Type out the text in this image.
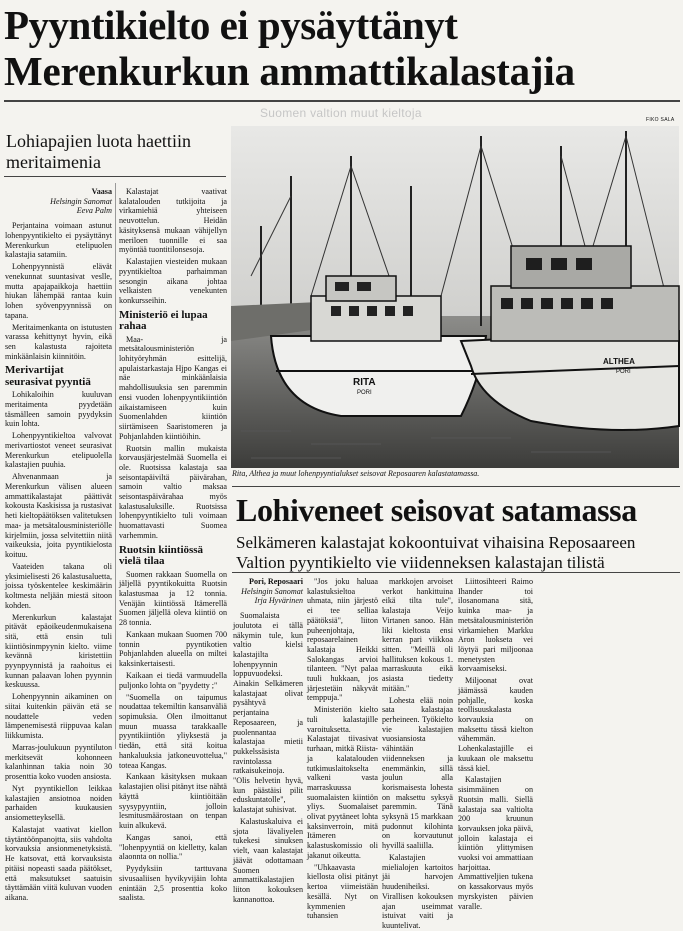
Pyyntikielto ei pysäyttänyt
Merenkurkun ammattikalastajia
Suomen valtion muut kieltoja
Lohiapajien luota haettiin meritaimenia

Vaasa
Helsingin Sanomat
Eeva Palm

Perjantaina voimaan astunut lohenpyyntikielto ei pysäyttänyt Merenkurkun etelipuolen kalastajia satamiin.

Lohenpyynnistä elävät venekunnat suuntasivat veslle, mutta apajapaikkoja haettiin hiukan lähempää rantaa kuin lohen syövenpyynnissä on tapana.

Meritaimenkanta on istutusten varassa kehittynyt hyvin, eikä sen kalastusta rajoiteta minkäänlaisin kiinnitöin.

Merivartijat seurasivat pyyntiä

Lohikaloihin kuuluvan meritaimenta pyydetään täsmälleen samoin pyydyksin kuin lohta.

Lohenpyyntikieltoa valvovat merivartiostot veneet seurasivat Merenkurkun etelipuolella kalastajien puuhia.

Ahvenanmaan ja Merenkurkun välisen alueen ammattikalastajat päättivät kokousta Kaskisissa ja rustasivat heti kieltopäätöksen valitetuksen maa- ja metsätalousministeriölle kirjelmiin, jossa selvitettiin niitä vaikeuksia, joita pyyntikielosta koituu.

Vaateiden takana oli yksimielisesti 26 kalastusaluetta, joissa työskentelee keskimäärin koltmesta neljään miestä sitoon kohden.

Merenkurkun kalastajat pitävät epäoikeudenmukaisena sitä, että ensin tuli kiintiösinmpyynin kielto. viime kevännä kiristettiin pyynpyynnistä ja raahoitus ei kunnan palaavan lohen pyynnin keskuussa.

Lohenpyynnin aikaminen on siitai kuitenkin päivän etä se noudattele veden lämpenemisestä riippuvaa kalan liikkumista.

Marras-joulukuun pyyntiluton merkitsevät kohonneen kalanhinnan takia noin 30 prosenttia koko vuoden ansiosta.

Nyt pyyntikiellon leikkaa kalastajien ansiotnoa noiden parhaiden kuukausien ansiometteyksellä.

Kalastajat vaativat kiellon täytäntöönpanojtta, siis vahdolta korvauksia ansionmenetyksistä. He katsovat, että korvauksista pitäisi nopeasti saada päätökset, että maksutukset saatuisin täyttämään viitä kuluvan vuoden aikana.

Kalastajat vaativat kalatalouden tutkijoita ja virkamiehiä yhteiseen neuvottelun. Heidän käsityksensä mukaan vähijellyn meriloen tuonnille ei saa myöntää tuontitilonsesoja.

Kalastajien viesteiden mukaan pyyntikieltoa parhaimman sesongin aikana johtaa velkaisten venekunten konkursseihin.

Ministeriö ei lupaa rahaa

Maa- ja metsätalousministeriön lohityöryhmän esittelijä, apulaistarkastaja Hjpo Kangas ei näe minkäänlaisia mahdollisuuksia sen paremmin ensi vuoden lohenpyyntikiintiön aikaistamiseen kuin Suomenlahden kiintiön siirtämiseen Saaristomeren ja Pohjanlahden kiintiöihin.

Ruotsin mallin mukaista korvausjärjestelmää Suomella ei ole. Ruotsissa kalastaja saa seisontapäiviltä päivärahan, samoin valtio maksaa seisontaspäivärahaa myös kalastusaluksille. Ruotsissa lohenpyyntikielto tuli voimaan huomattavasti Suomea varhemmin.

Ruotsin kiintiössä vielä tilaa

Suomen rakkaan Suomella on jäljellä pyyntikokuitta Ruotsin kalastusmaa ja 12 tonnia. Venäjän kiintiössä Itämerellä Suomen jäljellä oleva kiintiö on 28 tonnia.

Kankaan mukaan Suomen 700 tonnin pyyntikotien Pohjanlahden alueella on miltei kaksinkertaisesti.

Kaikaan ei tiedä varmuudella puljonko lohta on "pyydetty ;"

"Suomella on taipumus noudattaa tekemiltin kansanväliä sopimuksia. Olen ilmoittanut muun muassa tarakkaalle pyyntikiintiön yliyksestä ja tiedän, että sitä koitua hankaluuksia jatkoneuvottelua," toteaa Kangas.

Kankaan käsityksen mukaan kalastajien olisi pitänyt itse nähtä käyttä kiintiöitään syysypyyntiin, jolloin lesmitusmäärostaan on tenpan kuin alkukevä.

Kangas sanoi, että "lohenpyyntiä on kielletty, kalan alaonnta on nollia."

Pyydyksiin tarttuvana sivusaaliisen hyvikyvijäin lohta enintään 2,5 prosenttia koko saalista.

FIKO SALA
RITA
PORI
ALTHEA
PORI
Rita, Althea ja muut lohenpyyntialukset seisovat Reposaaren kalastatamassa.
Lohiveneet seisovat satamassa
Selkämeren kalastajat kokoontuivat vihaisina Reposaareen Valtion pyyntikielto vie viidenneksen kalastajan tilistä

Pori, Reposaari
Helsingin Sanomat
Irja Hyvärinen

Suomalaista joulutota ei tällä näkymin tule, kun valtio kielsi kalastajilta lohenpyynnin loppuvuodeksi. Ainakin Selkämeren kalastajaat olivat pysähtyvä perjantaina Reposaareen, ja puolennantaa kalastajaa mietii pukkelssäsista ravintolassa ratkaisukeinoja. "Olis helvetin hyvä, kun päästäisi pilit eduskuntatolle", kalastajat suhisivat.

Kalastuskaluiva ei sjota lävaliyelen tukekesi sinuksen vielt, vaan kalastajat jäävät odottamaan Suomen ammattikalastajien liiton kokouksen kannanottoa.

"Jos joku haluaa kalastuksieltoa uhmata, niin järjestö ei tee selliaa päätöksiä", liiton puheenjohtaja, reposaarelainen kalastaja Heikki Salokangas arvioi tilanteen. "Nyt palaa tuuli hukkaan, jos järjestetäin näkyvät temppuja."

Ministeriön kielto tuli kalastajille varoituksetta. Kalastajat tiivasivat turhaan, mitkä Riista- ja kalatalouden tutkimuslaitokselta valkeni vasta marraskuussa suomalaisten kiintiön yliys. Suomalaiset olivat pyytäneet lohta kaksinverroin, mitä Itämeren kalastuskomissio oli jakanut oikeutta.

"Uhkaavasta kiellosta olisi pitänyt kertoa viimeistään kesällä. Nyt on kymmenien tuhansien

markkojen arvoiset verkot hankittuina eikä tilta tule", kalastaja Veijo Virtanen sanoo. Hän liki kieltosta ensi kerran pari viikkoa sitten. "Meillä oli hallituksen kokous 1. marraskuuta eikä asiasta tiedetty mitään."

Lohesta elää noin sata kalastajaa perheineen. Työkielto vie kalastajien vuosiansiosta vähintään viidenneksen ja enemmänkin, sillä joulun alla korismaisesta lohesta on maksettu syksyä paremmin. Tänä syksynä 15 markkaan pudonnut kilohinta on korvautunut hyvillä saaliilla.

Kalastajien mielialojen kartoitos jäi harvojen huudeniheiksi. Virallisen kokouksen ajan useimmat istuivat vaiti ja kuuntelivat.

Liittosihteeri Raimo Ihander toi ilosanomana sitä, kuinka maa- ja metsätalousministeriön virkamiehen Markku Aron luokseta vei löytyä pari miljoonaa menetysten korvaamiseksi.

Miljoonat ovat jäämässä kauden pohjalle, koska teollisuuskalasta korvauksia on maksettu tässä kielton vähemmän. Lohenkalastajille ei kuukaan ole maksettu tässä kiel.

Kalastajien sisimmäinen on Ruotsin malli. Siellä kalastaja saa valtiolta 200 kruunun korvauksen joka päivä, jolloin kalastaja ei kiintiön ylittymisen vuoksi voi ammattiaan harjoittaa. Ammattiveljien tukena on kassakorvaus myös myrskyisten päivien varalle.
